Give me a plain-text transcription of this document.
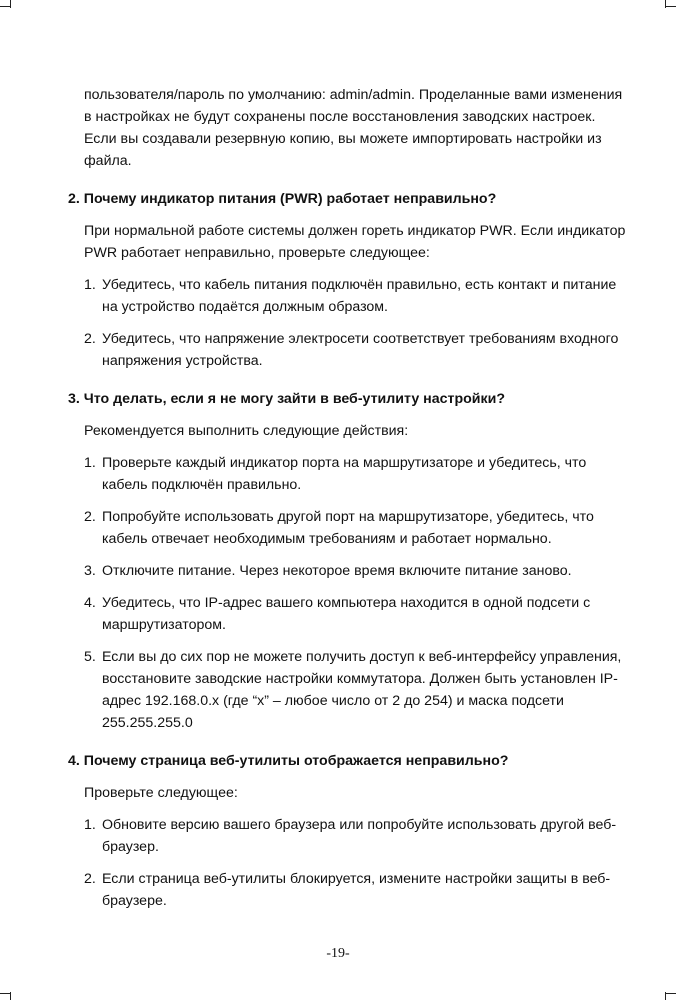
пользователя/пароль по умолчанию: admin/admin. Проделанные вами изменения в настройках не будут сохранены после восстановления заводских настроек. Если вы создавали резервную копию, вы можете импортировать настройки из файла.

2. Почему индикатор питания (PWR) работает неправильно?

При нормальной работе системы должен гореть индикатор PWR. Если индикатор PWR работает неправильно, проверьте следующее:

1. Убедитесь, что кабель питания подключён правильно, есть контакт и питание на устройство подаётся должным образом.
2. Убедитесь, что напряжение электросети соответствует требованиям входного напряжения устройства.
3. Что делать, если я не могу зайти в веб-утилиту настройки?

Рекомендуется выполнить следующие действия:

1. Проверьте каждый индикатор порта на маршрутизаторе и убедитесь, что кабель подключён правильно.
2. Попробуйте использовать другой порт на маршрутизаторе, убедитесь, что кабель отвечает необходимым требованиям и работает нормально.
3. Отключите питание. Через некоторое время включите питание заново.
4. Убедитесь, что IP-адрес вашего компьютера находится в одной подсети с маршрутизатором.
5. Если вы до сих пор не можете получить доступ к веб-интерфейсу управления, восстановите заводские настройки коммутатора. Должен быть установлен IP-адрес 192.168.0.x (где “x” – любое число от 2 до 254) и маска подсети 255.255.255.0
4. Почему страница веб-утилиты отображается неправильно?

Проверьте следующее:

1. Обновите версию вашего браузера или попробуйте использовать другой веб-браузер.
2. Если страница веб-утилиты блокируется, измените настройки защиты в веб-браузере.
-19-
